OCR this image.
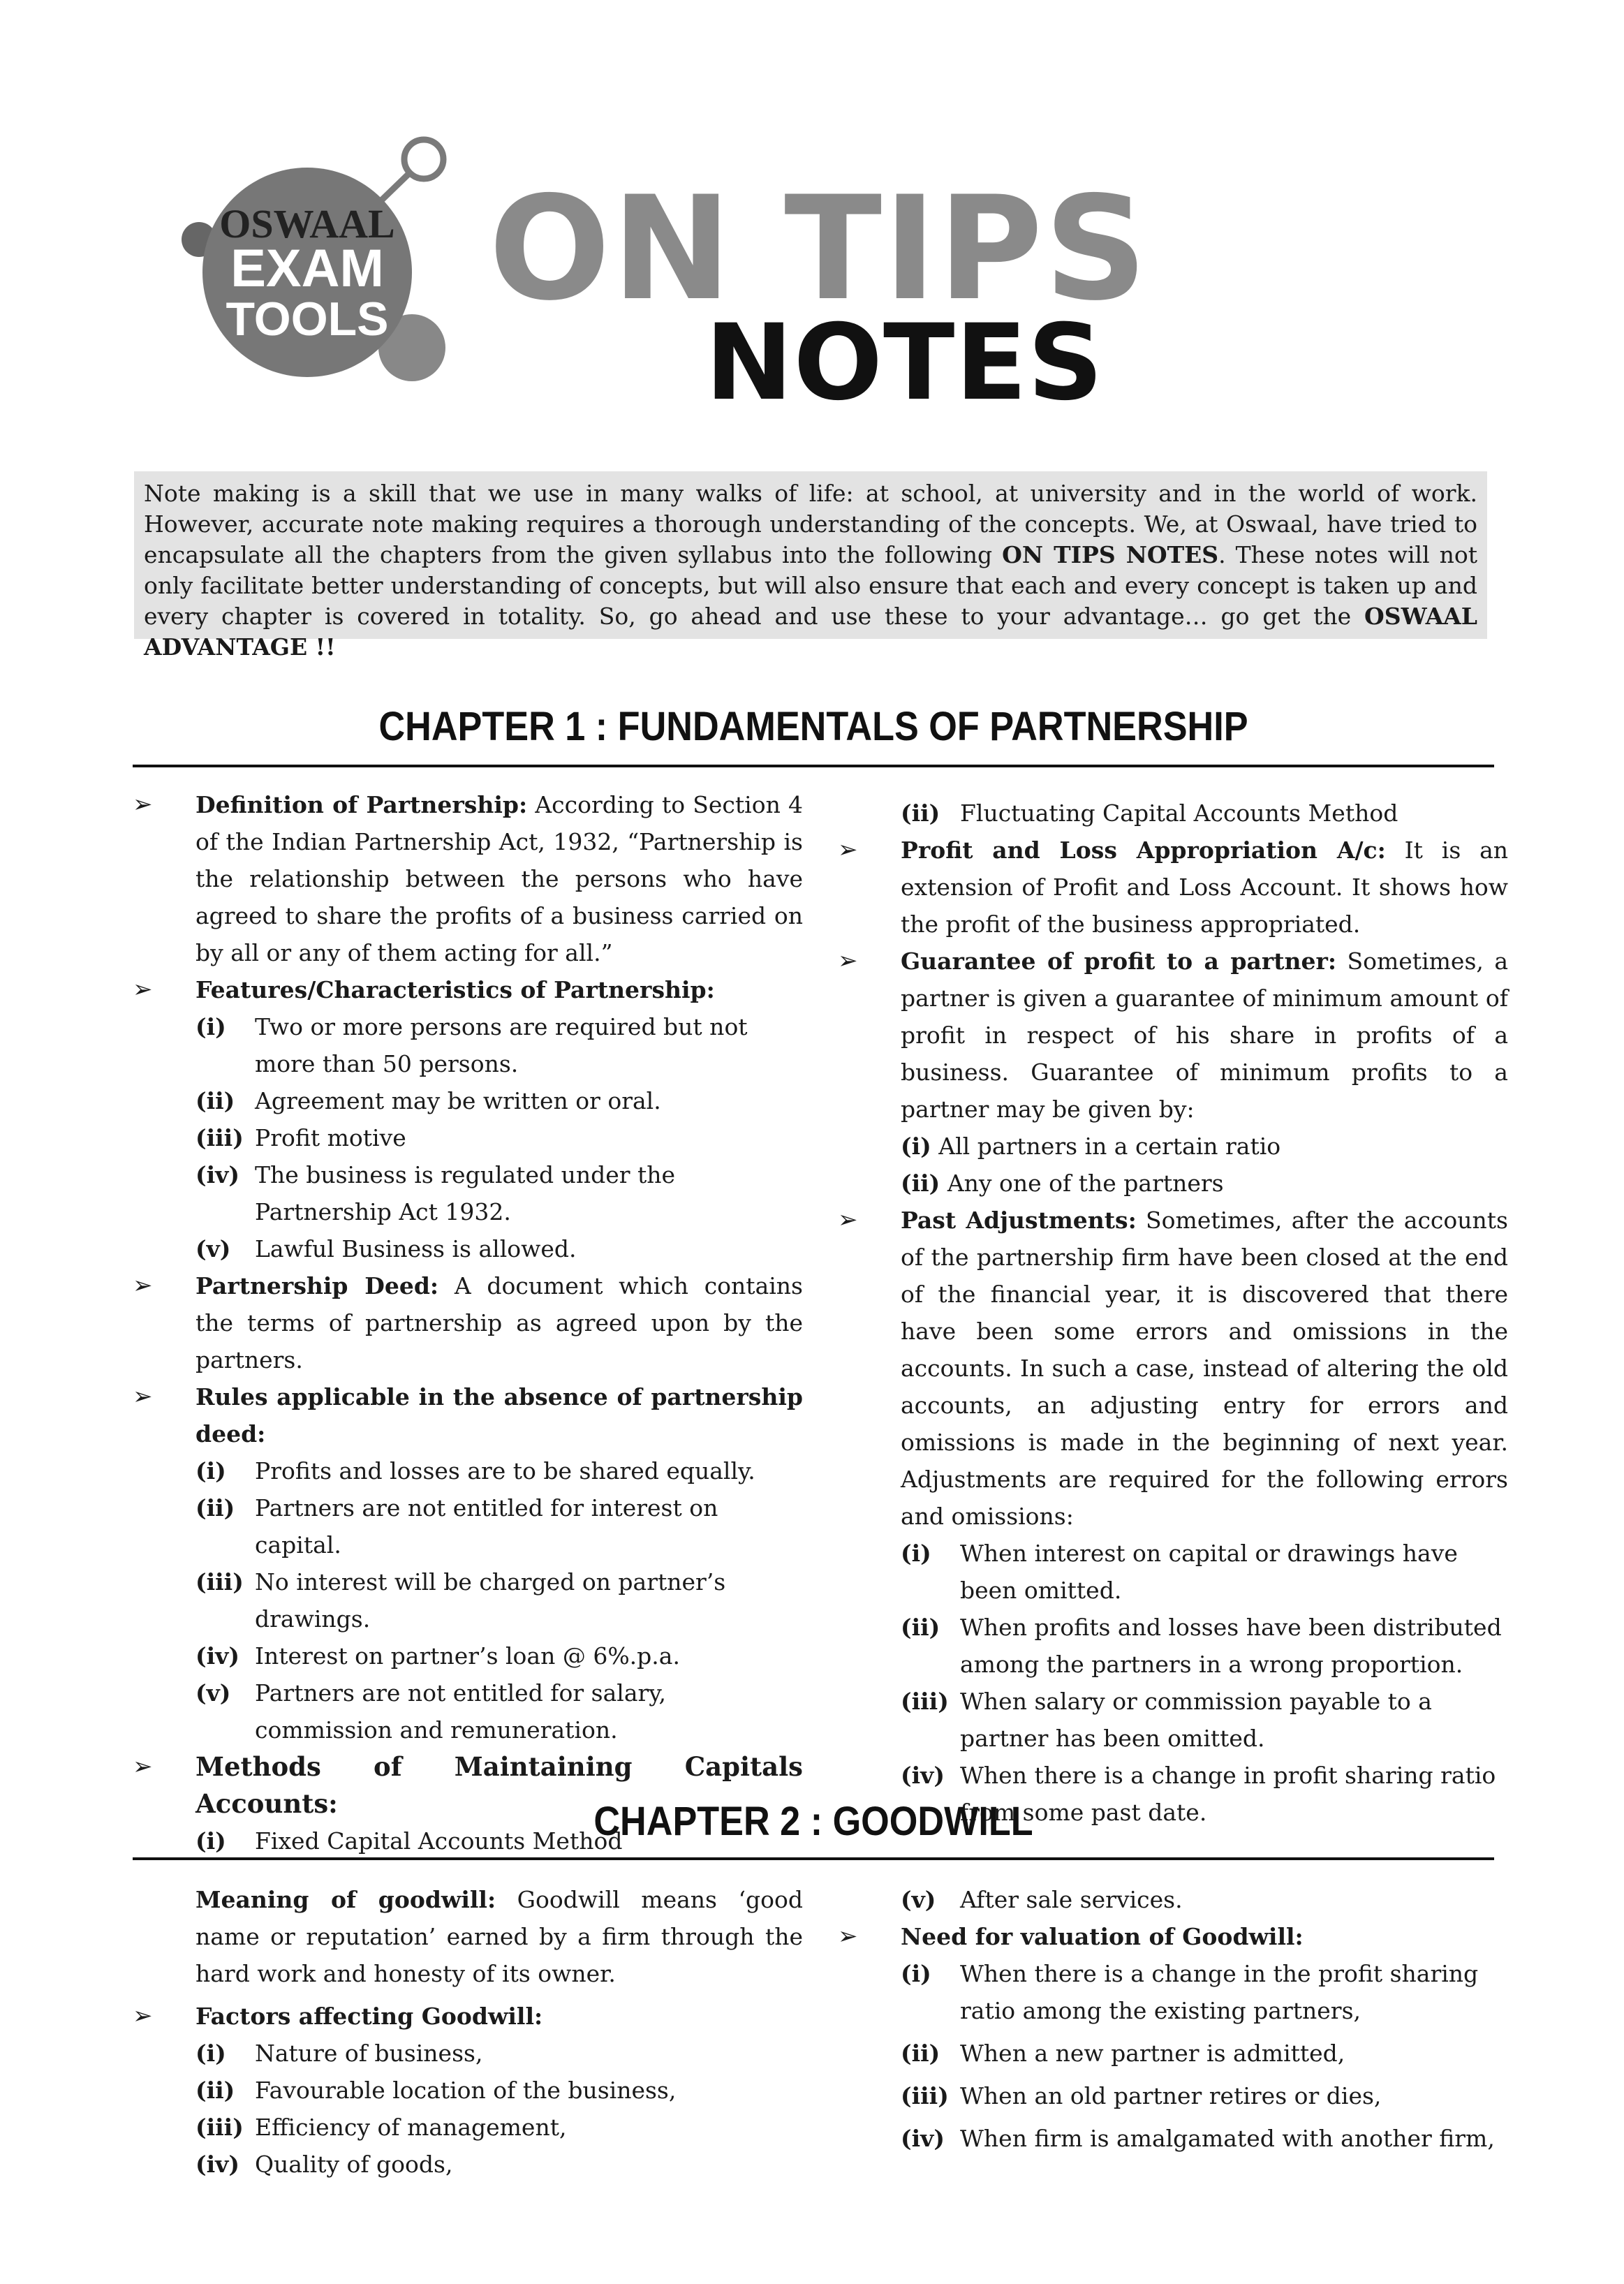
OSWAAL
EXAM
TOOLS ON TIPS
NOTES
Note making is a skill that we use in many walks of life: at school, at university and in the world of work. However, accurate note making requires a thorough understanding of the concepts. We, at Oswaal, have tried to encapsulate all the chapters from the given syllabus into the following ON TIPS NOTES. These notes will not only facilitate better understanding of concepts, but will also ensure that each and every concept is taken up and every chapter is covered in totality. So, go ahead and use these to your advantage… go get the OSWAAL ADVANTAGE !!
CHAPTER 1 : FUNDAMENTALS OF PARTNERSHIP
➢ Definition of Partnership: According to Section 4 of the Indian Partnership Act, 1932, “Partnership is the relationship between the persons who have agreed to share the profits of a business carried on by all or any of them acting for all.”
➢ Features/Characteristics of Partnership:
(i) Two or more persons are required but not more than 50 persons.
(ii) Agreement may be written or oral.
(iii) Profit motive
(iv) The business is regulated under the Partnership Act 1932.
(v) Lawful Business is allowed.
➢ Partnership Deed: A document which contains the terms of partnership as agreed upon by the partners.
➢ Rules applicable in the absence of partnership deed:
(i) Profits and losses are to be shared equally.
(ii) Partners are not entitled for interest on capital.
(iii) No interest will be charged on partner’s drawings.
(iv) Interest on partner’s loan @ 6%.p.a.
(v) Partners are not entitled for salary, commission and remuneration.
➢ Methods of Maintaining Capitals Accounts:
(i) Fixed Capital Accounts Method
(ii) Fluctuating Capital Accounts Method
➢ Profit and Loss Appropriation A/c: It is an extension of Profit and Loss Account. It shows how the profit of the business appropriated.
➢ Guarantee of profit to a partner: Sometimes, a partner is given a guarantee of minimum amount of profit in respect of his share in profits of a business. Guarantee of minimum profits to a partner may be given by:
(i) All partners in a certain ratio
(ii) Any one of the partners
➢ Past Adjustments: Sometimes, after the accounts of the partnership firm have been closed at the end of the financial year, it is discovered that there have been some errors and omissions in the accounts. In such a case, instead of altering the old accounts, an adjusting entry for errors and omissions is made in the beginning of next year. Adjustments are required for the following errors and omissions:
(i) When interest on capital or drawings have been omitted.
(ii) When profits and losses have been distributed among the partners in a wrong proportion.
(iii) When salary or commission payable to a partner has been omitted.
(iv) When there is a change in profit sharing ratio from some past date.
CHAPTER 2 : GOODWILL
Meaning of goodwill: Goodwill means ‘good name or reputation’ earned by a firm through the hard work and honesty of its owner.
➢ Factors affecting Goodwill:
(i) Nature of business,
(ii) Favourable location of the business,
(iii) Efficiency of management,
(iv) Quality of goods,
(v) After sale services.
➢ Need for valuation of Goodwill:
(i) When there is a change in the profit sharing ratio among the existing partners,
(ii) When a new partner is admitted,
(iii) When an old partner retires or dies,
(iv) When firm is amalgamated with another firm,
